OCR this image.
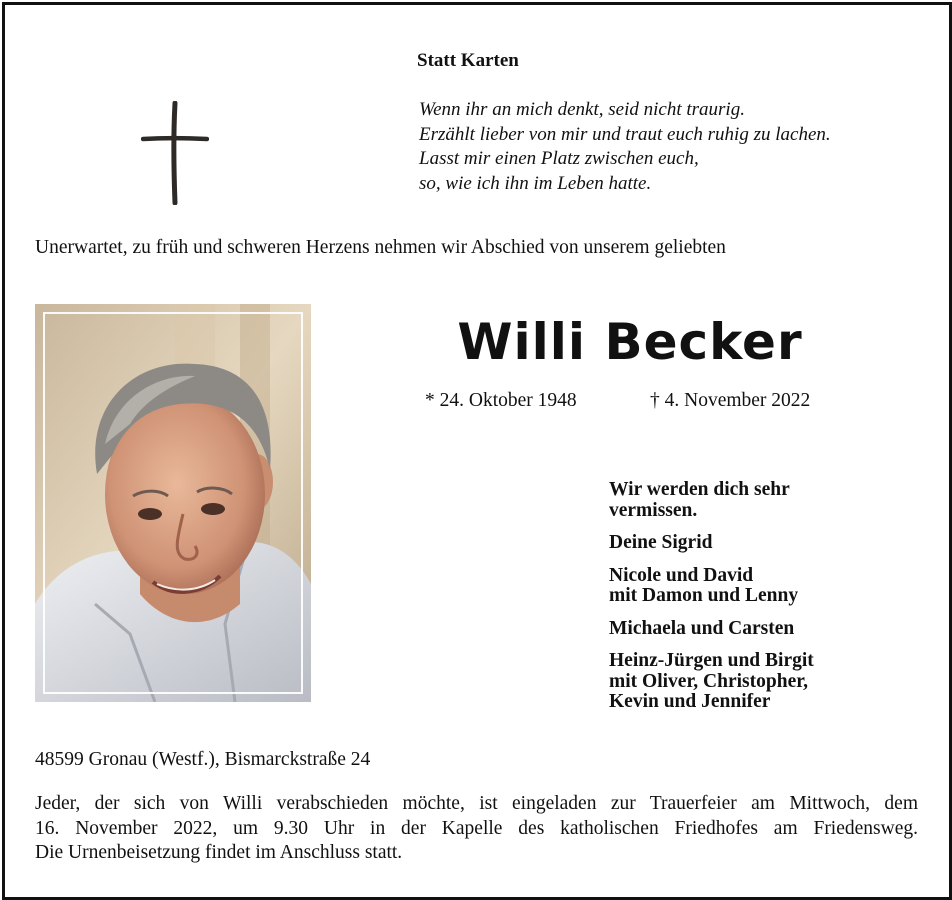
Statt Karten
Wenn ihr an mich denkt, seid nicht traurig.
Erzählt lieber von mir und traut euch ruhig zu lachen.
Lasst mir einen Platz zwischen euch,
so, wie ich ihn im Leben hatte.
Unerwartet, zu früh und schweren Herzens nehmen wir Abschied von unserem geliebten
Willi Becker
* 24. Oktober 1948	† 4. November 2022
Wir werden dich sehr
vermissen.
Deine Sigrid
Nicole und David
mit Damon und Lenny
Michaela und Carsten
Heinz-Jürgen und Birgit
mit Oliver, Christopher,
Kevin und Jennifer
48599 Gronau (Westf.), Bismarckstraße 24
Jeder, der sich von Willi verabschieden möchte, ist eingeladen zur Trauerfeier am Mittwoch, dem
16. November 2022, um 9.30 Uhr in der Kapelle des katholischen Friedhofes am Friedensweg.
Die Urnenbeisetzung findet im Anschluss statt.
